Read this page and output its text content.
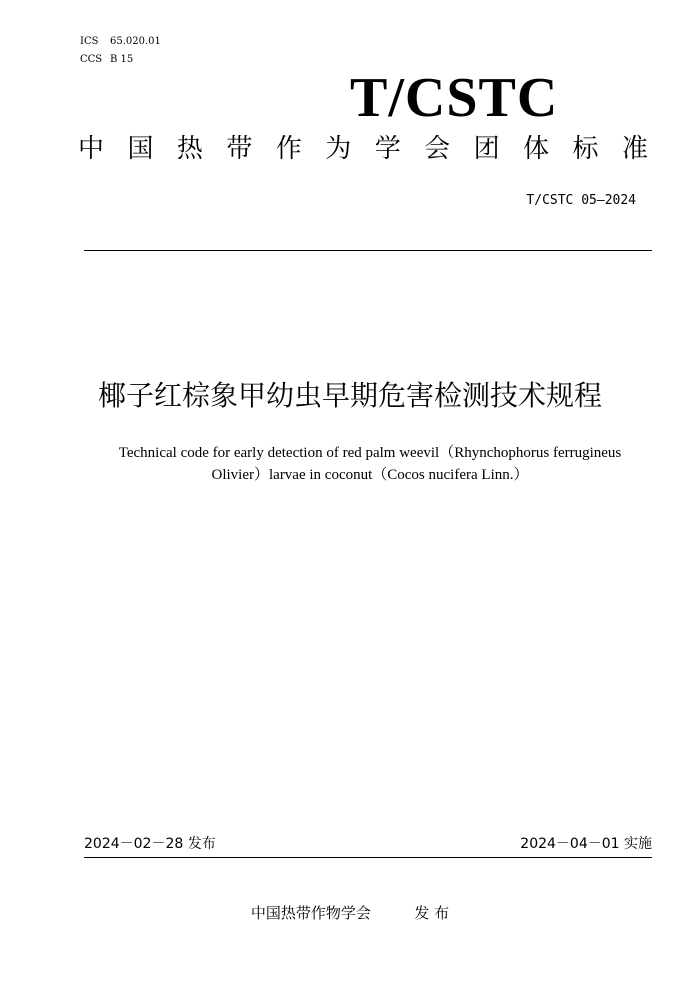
ICS 65.020.01
CCS B 15
T/CSTC
中 国 热 带 作 为 学 会 团 体 标 准
T/CSTC 05—2024
椰子红棕象甲幼虫早期危害检测技术规程
Technical code for early detection of red palm weevil（Rhynchophorus ferrugineus
Olivier）larvae in coconut（Cocos nucifera Linn.）
2024－02－28 发布	2024－04－01 实施
中国热带作物学会	发 布
